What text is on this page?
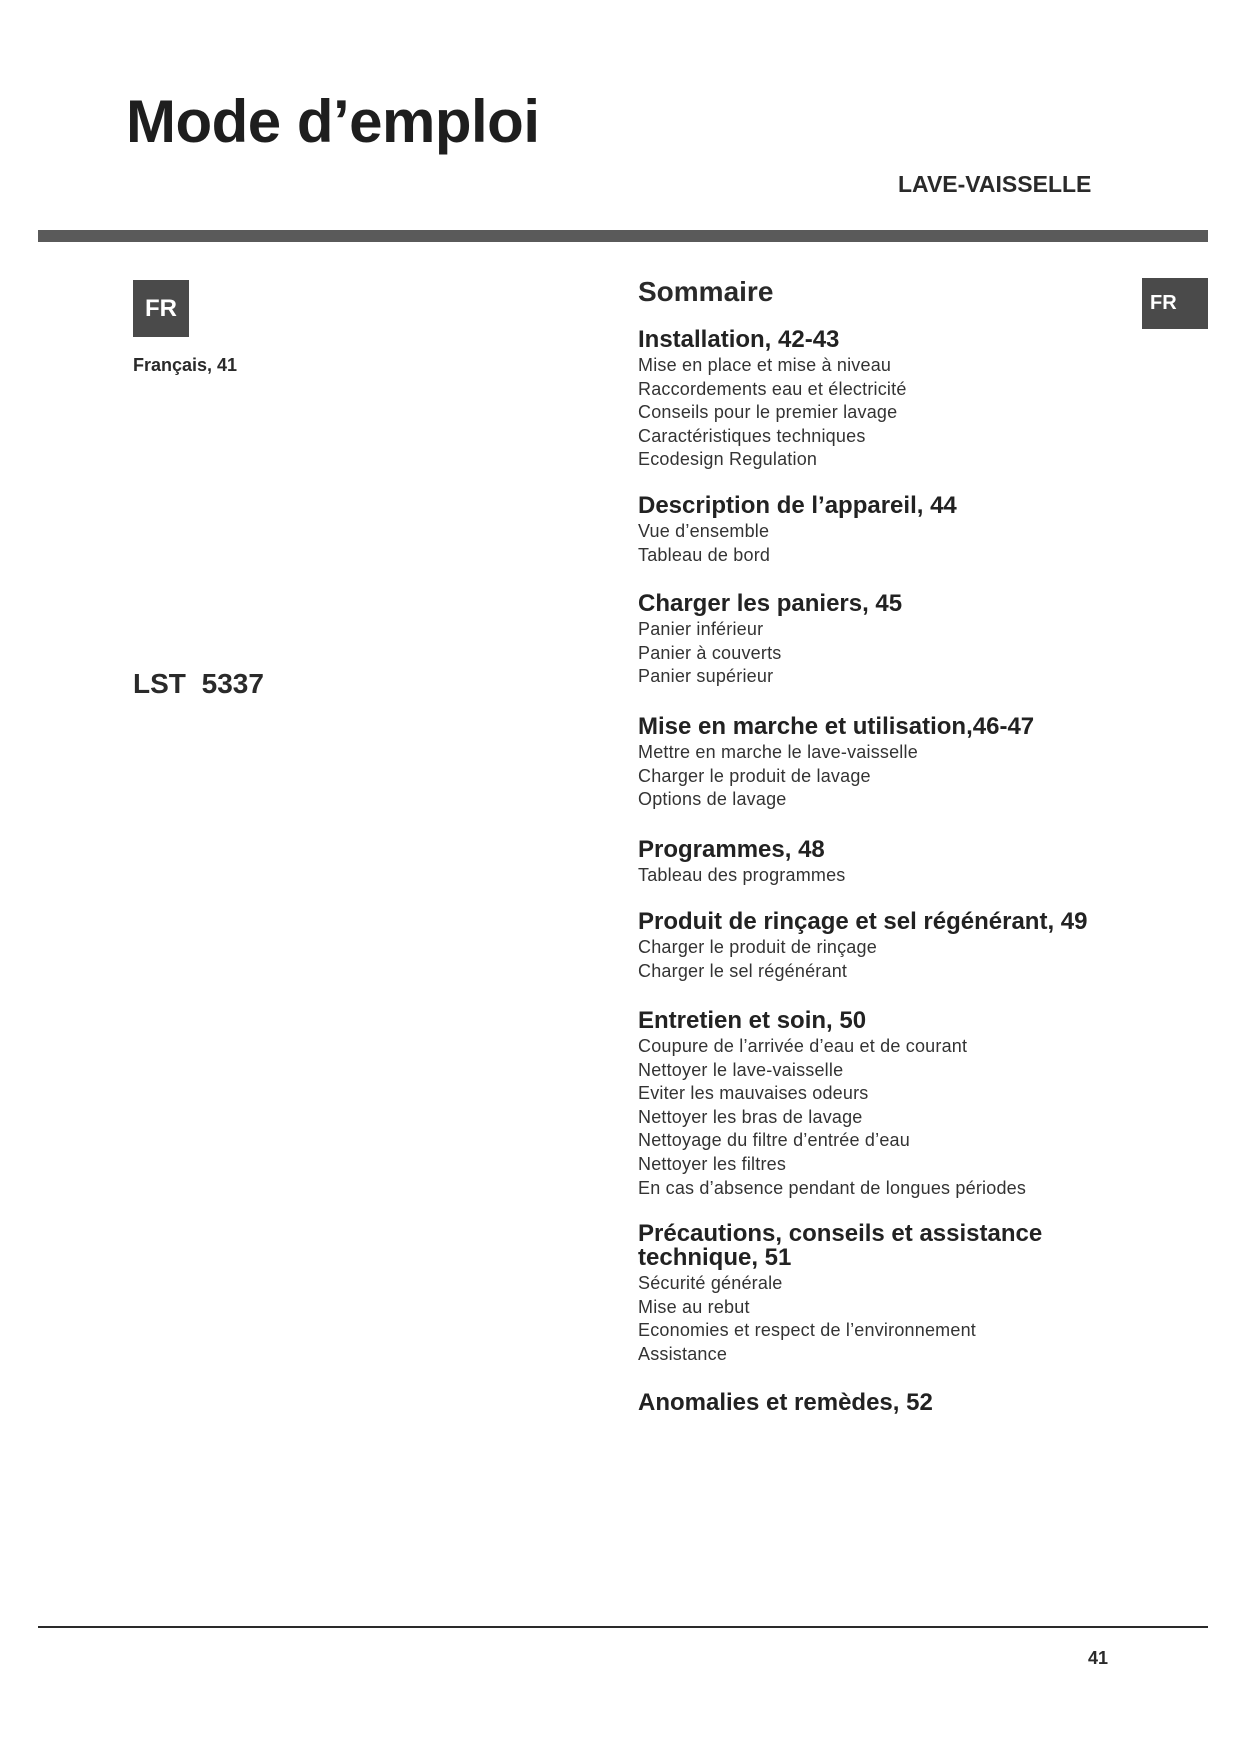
Mode d’emploi
LAVE-VAISSELLE
FR
Français, 41
LST 5337
Sommaire	FR
Installation, 42-43
Mise en place et mise à niveau
Raccordements eau et électricité
Conseils pour le premier lavage
Caractéristiques techniques
Ecodesign Regulation
Description de l’appareil, 44
Vue d’ensemble
Tableau de bord
Charger les paniers, 45
Panier inférieur
Panier à couverts
Panier supérieur
Mise en marche et utilisation,46-47
Mettre en marche le lave-vaisselle
Charger le produit de lavage
Options de lavage
Programmes, 48
Tableau des programmes
Produit de rinçage et sel régénérant, 49
Charger le produit de rinçage
Charger le sel régénérant
Entretien et soin, 50
Coupure de l’arrivée d’eau et de courant
Nettoyer le lave-vaisselle
Eviter les mauvaises odeurs
Nettoyer les bras de lavage
Nettoyage du filtre d’entrée d’eau
Nettoyer les filtres
En cas d’absence pendant de longues périodes
Précautions, conseils et assistance technique, 51
Sécurité générale
Mise au rebut
Economies et respect de l’environnement
Assistance
Anomalies et remèdes, 52
41
